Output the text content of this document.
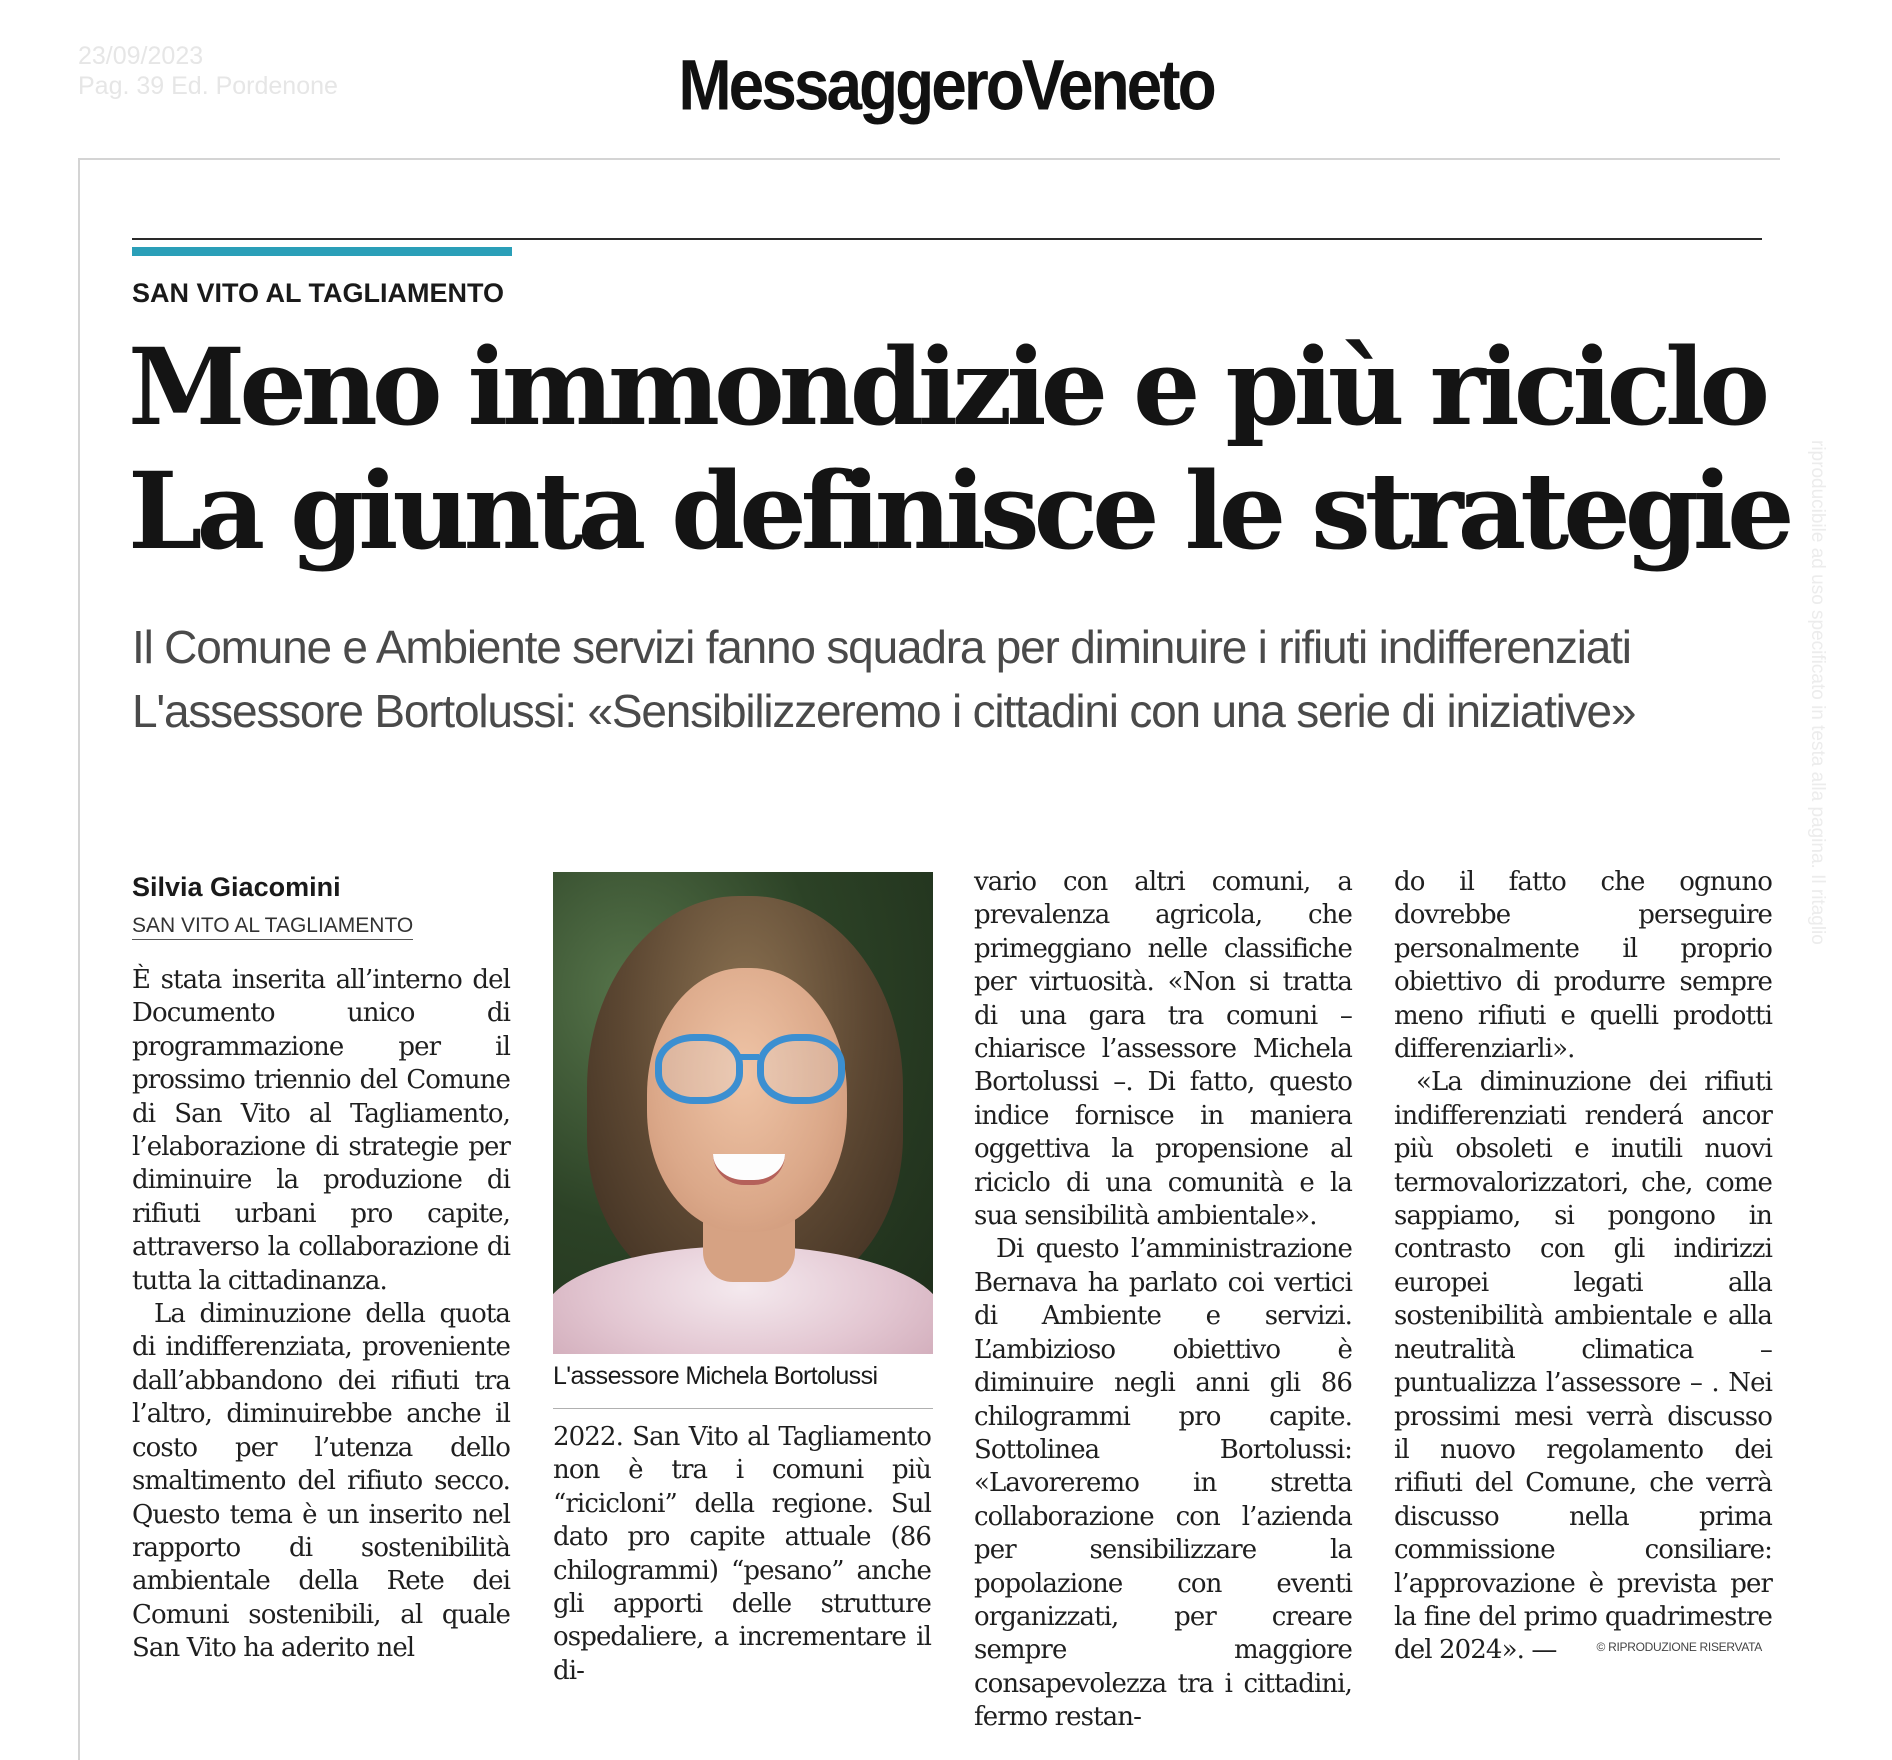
23/09/2023
Pag. 39 Ed. Pordenone	MessaggeroVeneto
riproducibile ad uso specificato in testa alla pagina. Il ritaglio
SAN VITO AL TAGLIAMENTO
Meno immondizie e più riciclo
La giunta definisce le strategie
Il Comune e Ambiente servizi fanno squadra per diminuire i rifiuti indifferenziati
L'assessore Bortolussi: «Sensibilizzeremo i cittadini con una serie di iniziative»
Silvia Giacomini
SAN VITO AL TAGLIAMENTO

È stata inserita all’interno del Documento unico di programmazione per il prossimo triennio del Comune di San Vito al Tagliamento, l’elaborazione di strategie per diminuire la produzione di rifiuti urbani pro capite, attraverso la collaborazione di tutta la cittadinanza.

La diminuzione della quota di indifferenziata, proveniente dall’abbandono dei rifiuti tra l’altro, diminuirebbe anche il costo per l’utenza dello smaltimento del rifiuto secco. Questo tema è un inserito nel rapporto di sostenibilità ambientale della Rete dei Comuni sostenibili, al quale San Vito ha aderito nel

L'assessore Michela Bortolussi

2022. San Vito al Tagliamento non è tra i comuni più “ricicloni” della regione. Sul dato pro capite attuale (86 chilogrammi) “pesano” anche gli apporti delle strutture ospedaliere, a incrementare il di-

vario con altri comuni, a prevalenza agricola, che primeggiano nelle classifiche per virtuosità. «Non si tratta di una gara tra comuni – chiarisce l’assessore Michela Bortolussi –. Di fatto, questo indice fornisce in maniera oggettiva la propensione al riciclo di una comunità e la sua sensibilità ambientale».

Di questo l’amministrazione Bernava ha parlato coi vertici di Ambiente e servizi. L’ambizioso obiettivo è diminuire negli anni gli 86 chilogrammi pro capite. Sottolinea Bortolussi: «Lavoreremo in stretta collaborazione con l’azienda per sensibilizzare la popolazione con eventi organizzati, per creare sempre maggiore consapevolezza tra i cittadini, fermo restan-

do il fatto che ognuno dovrebbe perseguire personalmente il proprio obiettivo di produrre sempre meno rifiuti e quelli prodotti differenziarli».

«La diminuzione dei rifiuti indifferenziati renderá ancor più obsoleti e inutili nuovi termovalorizzatori, che, come sappiamo, si pongono in contrasto con gli indirizzi europei legati alla sostenibilità ambientale e alla neutralità climatica – puntualizza l’assessore – . Nei prossimi mesi verrà discusso il nuovo regolamento dei rifiuti del Comune, che verrà discusso nella prima commissione consiliare: l’approvazione è prevista per la fine del primo quadrimestre del 2024». —	© RIPRODUZIONE RISERVATA
